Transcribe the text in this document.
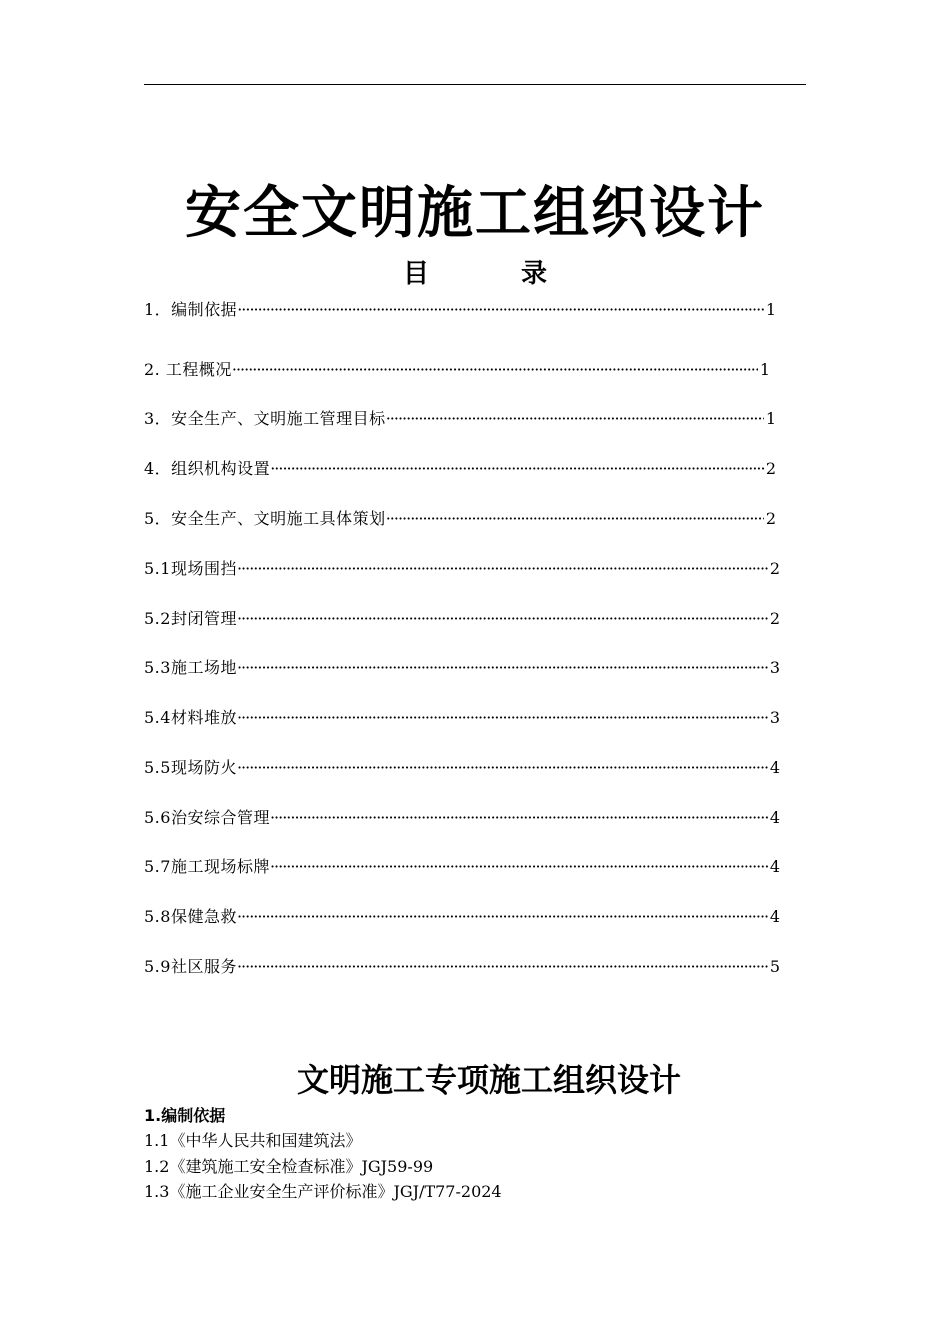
安全文明施工组织设计
目	录
1．编制依据 ·····	1
2. 工程概况 ·····	1
3．安全生产、文明施工管理目标 ·····	1
4．组织机构设置 ·····	2
5．安全生产、文明施工具体策划 ·····	2
5.1现场围挡 ·····	2
5.2封闭管理 ·····	2
5.3施工场地 ·····	3
5.4材料堆放 ·····	3
5.5现场防火 ·····	4
5.6治安综合管理 ·····	4
5.7施工现场标牌 ·····	4
5.8保健急救 ·····	4
5.9社区服务 ·····	5
文明施工专项施工组织设计
1.编制依据
1.1《中华人民共和国建筑法》
1.2《建筑施工安全检查标准》JGJ59-99
1.3《施工企业安全生产评价标准》JGJ/T77-2024
